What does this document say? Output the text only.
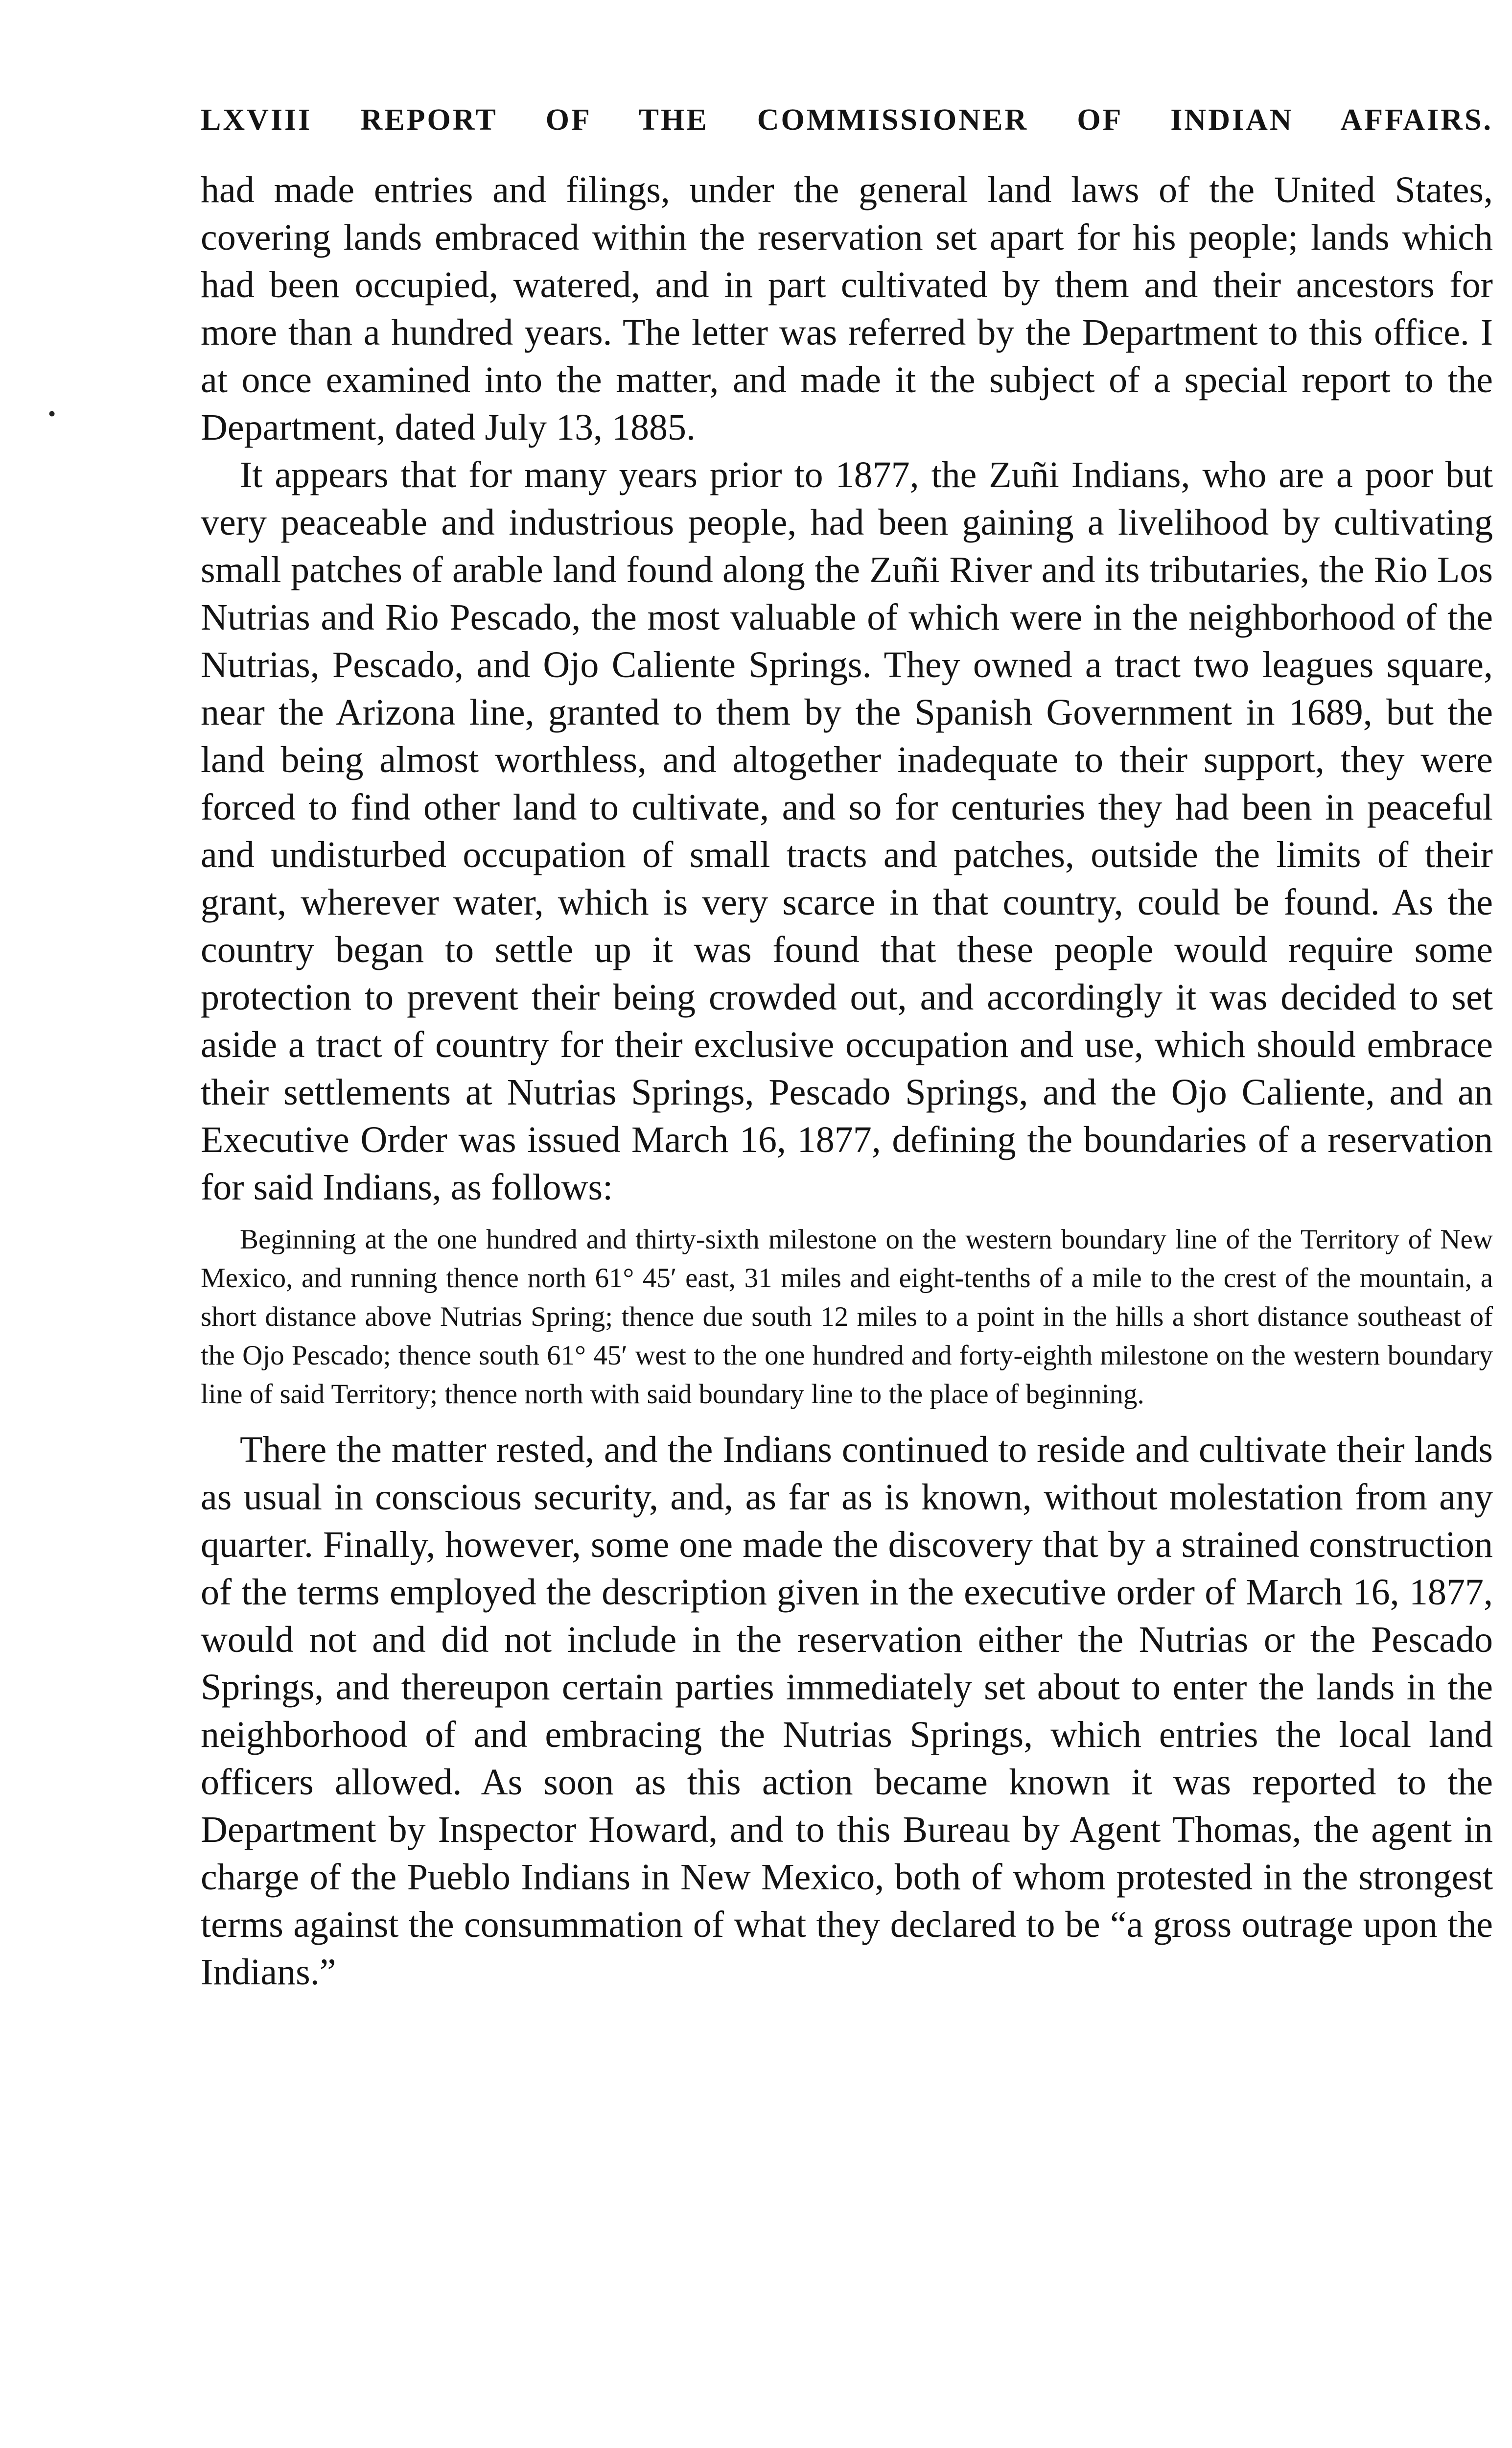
•
LXVIII REPORT OF THE COMMISSIONER OF INDIAN AFFAIRS.

had made entries and filings, under the general land laws of the United States, covering lands embraced within the reservation set apart for his people; lands which had been occupied, watered, and in part cultivated by them and their ancestors for more than a hundred years. The letter was referred by the Department to this office. I at once examined into the matter, and made it the subject of a special report to the Department, dated July 13, 1885.

It appears that for many years prior to 1877, the Zuñi Indians, who are a poor but very peaceable and industrious people, had been gaining a livelihood by cultivating small patches of arable land found along the Zuñi River and its tributaries, the Rio Los Nutrias and Rio Pescado, the most valuable of which were in the neighborhood of the Nutrias, Pescado, and Ojo Caliente Springs. They owned a tract two leagues square, near the Arizona line, granted to them by the Spanish Government in 1689, but the land being almost worthless, and altogether inadequate to their support, they were forced to find other land to cultivate, and so for centuries they had been in peaceful and undisturbed occupation of small tracts and patches, outside the limits of their grant, wherever water, which is very scarce in that country, could be found. As the country began to settle up it was found that these people would require some protection to prevent their being crowded out, and accordingly it was decided to set aside a tract of country for their exclusive occupation and use, which should embrace their settlements at Nutrias Springs, Pescado Springs, and the Ojo Caliente, and an Executive Order was issued March 16, 1877, defining the boundaries of a reservation for said Indians, as follows:

Beginning at the one hundred and thirty-sixth milestone on the western boundary line of the Territory of New Mexico, and running thence north 61° 45′ east, 31 miles and eight-tenths of a mile to the crest of the mountain, a short distance above Nutrias Spring; thence due south 12 miles to a point in the hills a short distance southeast of the Ojo Pescado; thence south 61° 45′ west to the one hundred and forty-eighth milestone on the western boundary line of said Territory; thence north with said boundary line to the place of beginning.

There the matter rested, and the Indians continued to reside and cultivate their lands as usual in conscious security, and, as far as is known, without molestation from any quarter. Finally, however, some one made the discovery that by a strained construction of the terms employed the description given in the executive order of March 16, 1877, would not and did not include in the reservation either the Nutrias or the Pescado Springs, and thereupon certain parties immediately set about to enter the lands in the neighborhood of and embracing the Nutrias Springs, which entries the local land officers allowed. As soon as this action became known it was reported to the Department by Inspector Howard, and to this Bureau by Agent Thomas, the agent in charge of the Pueblo Indians in New Mexico, both of whom protested in the strongest terms against the consummation of what they declared to be “a gross outrage upon the Indians.”
